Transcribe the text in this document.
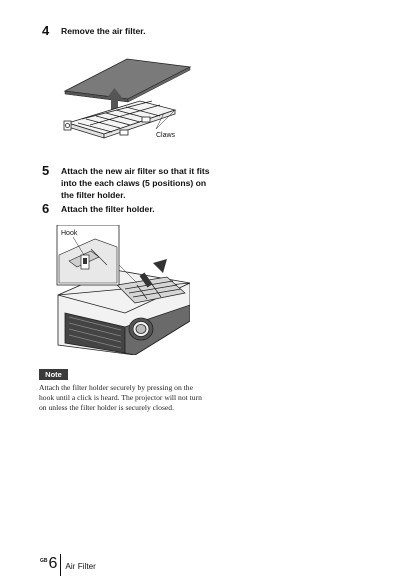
4	Remove the air filter.
Claws
5	Attach the new air filter so that it fits into the each claws (5 positions) on the filter holder.
6	Attach the filter holder.
Hook
Note
Attach the filter holder securely by pressing on the hook until a click is heard. The projector will not turn on unless the filter holder is securely closed.
GB 6 Air Filter
